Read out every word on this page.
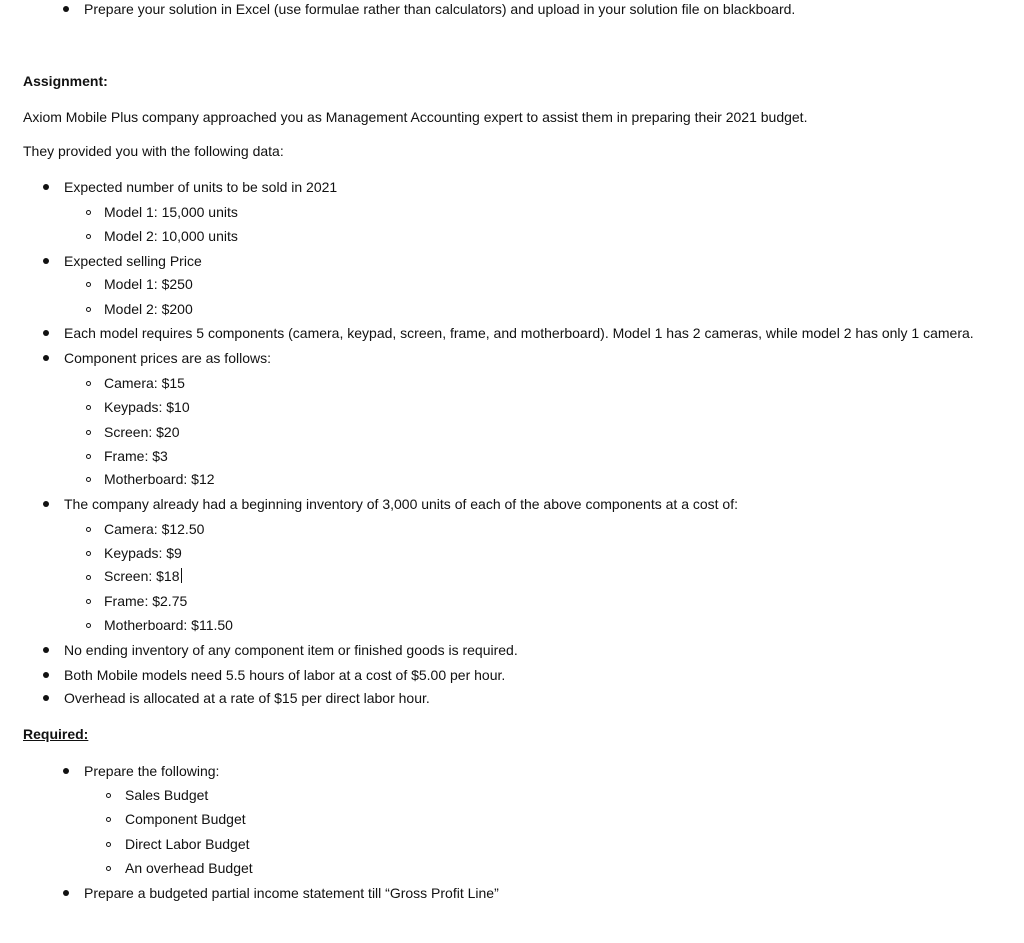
Prepare your solution in Excel (use formulae rather than calculators) and upload in your solution file on blackboard.
Assignment:
Axiom Mobile Plus company approached you as Management Accounting expert to assist them in preparing their 2021 budget.
They provided you with the following data:
Expected number of units to be sold in 2021
Model 1: 15,000 units
Model 2: 10,000 units
Expected selling Price
Model 1: $250
Model 2: $200
Each model requires 5 components (camera, keypad, screen, frame, and motherboard). Model 1 has 2 cameras, while model 2 has only 1 camera.
Component prices are as follows:
Camera: $15
Keypads: $10
Screen: $20
Frame: $3
Motherboard: $12
The company already had a beginning inventory of 3,000 units of each of the above components at a cost of:
Camera: $12.50
Keypads: $9
Screen: $18
Frame: $2.75
Motherboard: $11.50
No ending inventory of any component item or finished goods is required.
Both Mobile models need 5.5 hours of labor at a cost of $5.00 per hour.
Overhead is allocated at a rate of $15 per direct labor hour.
Required:
Prepare the following:
Sales Budget
Component Budget
Direct Labor Budget
An overhead Budget
Prepare a budgeted partial income statement till “Gross Profit Line”
